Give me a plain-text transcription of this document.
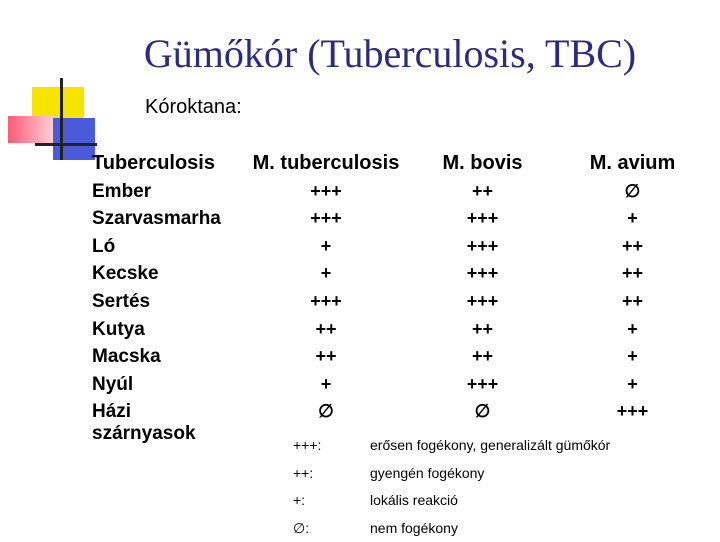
Gümőkór (Tuberculosis, TBC)
Kóroktana:
Tuberculosis	M. tuberculosis	M. bovis	M. avium
Ember	+++	++	∅
Szarvasmarha	+++	+++	+
Ló	+	+++	++
Kecske	+	+++	++
Sertés	+++	+++	++
Kutya	++	++	+
Macska	++	++	+
Nyúl	+	+++	+
Házi	∅	∅	+++
szárnyasok
+++:	erősen fogékony, generalizált gümőkór
++:	gyengén fogékony
+:	lokális reakció
∅:	nem fogékony
